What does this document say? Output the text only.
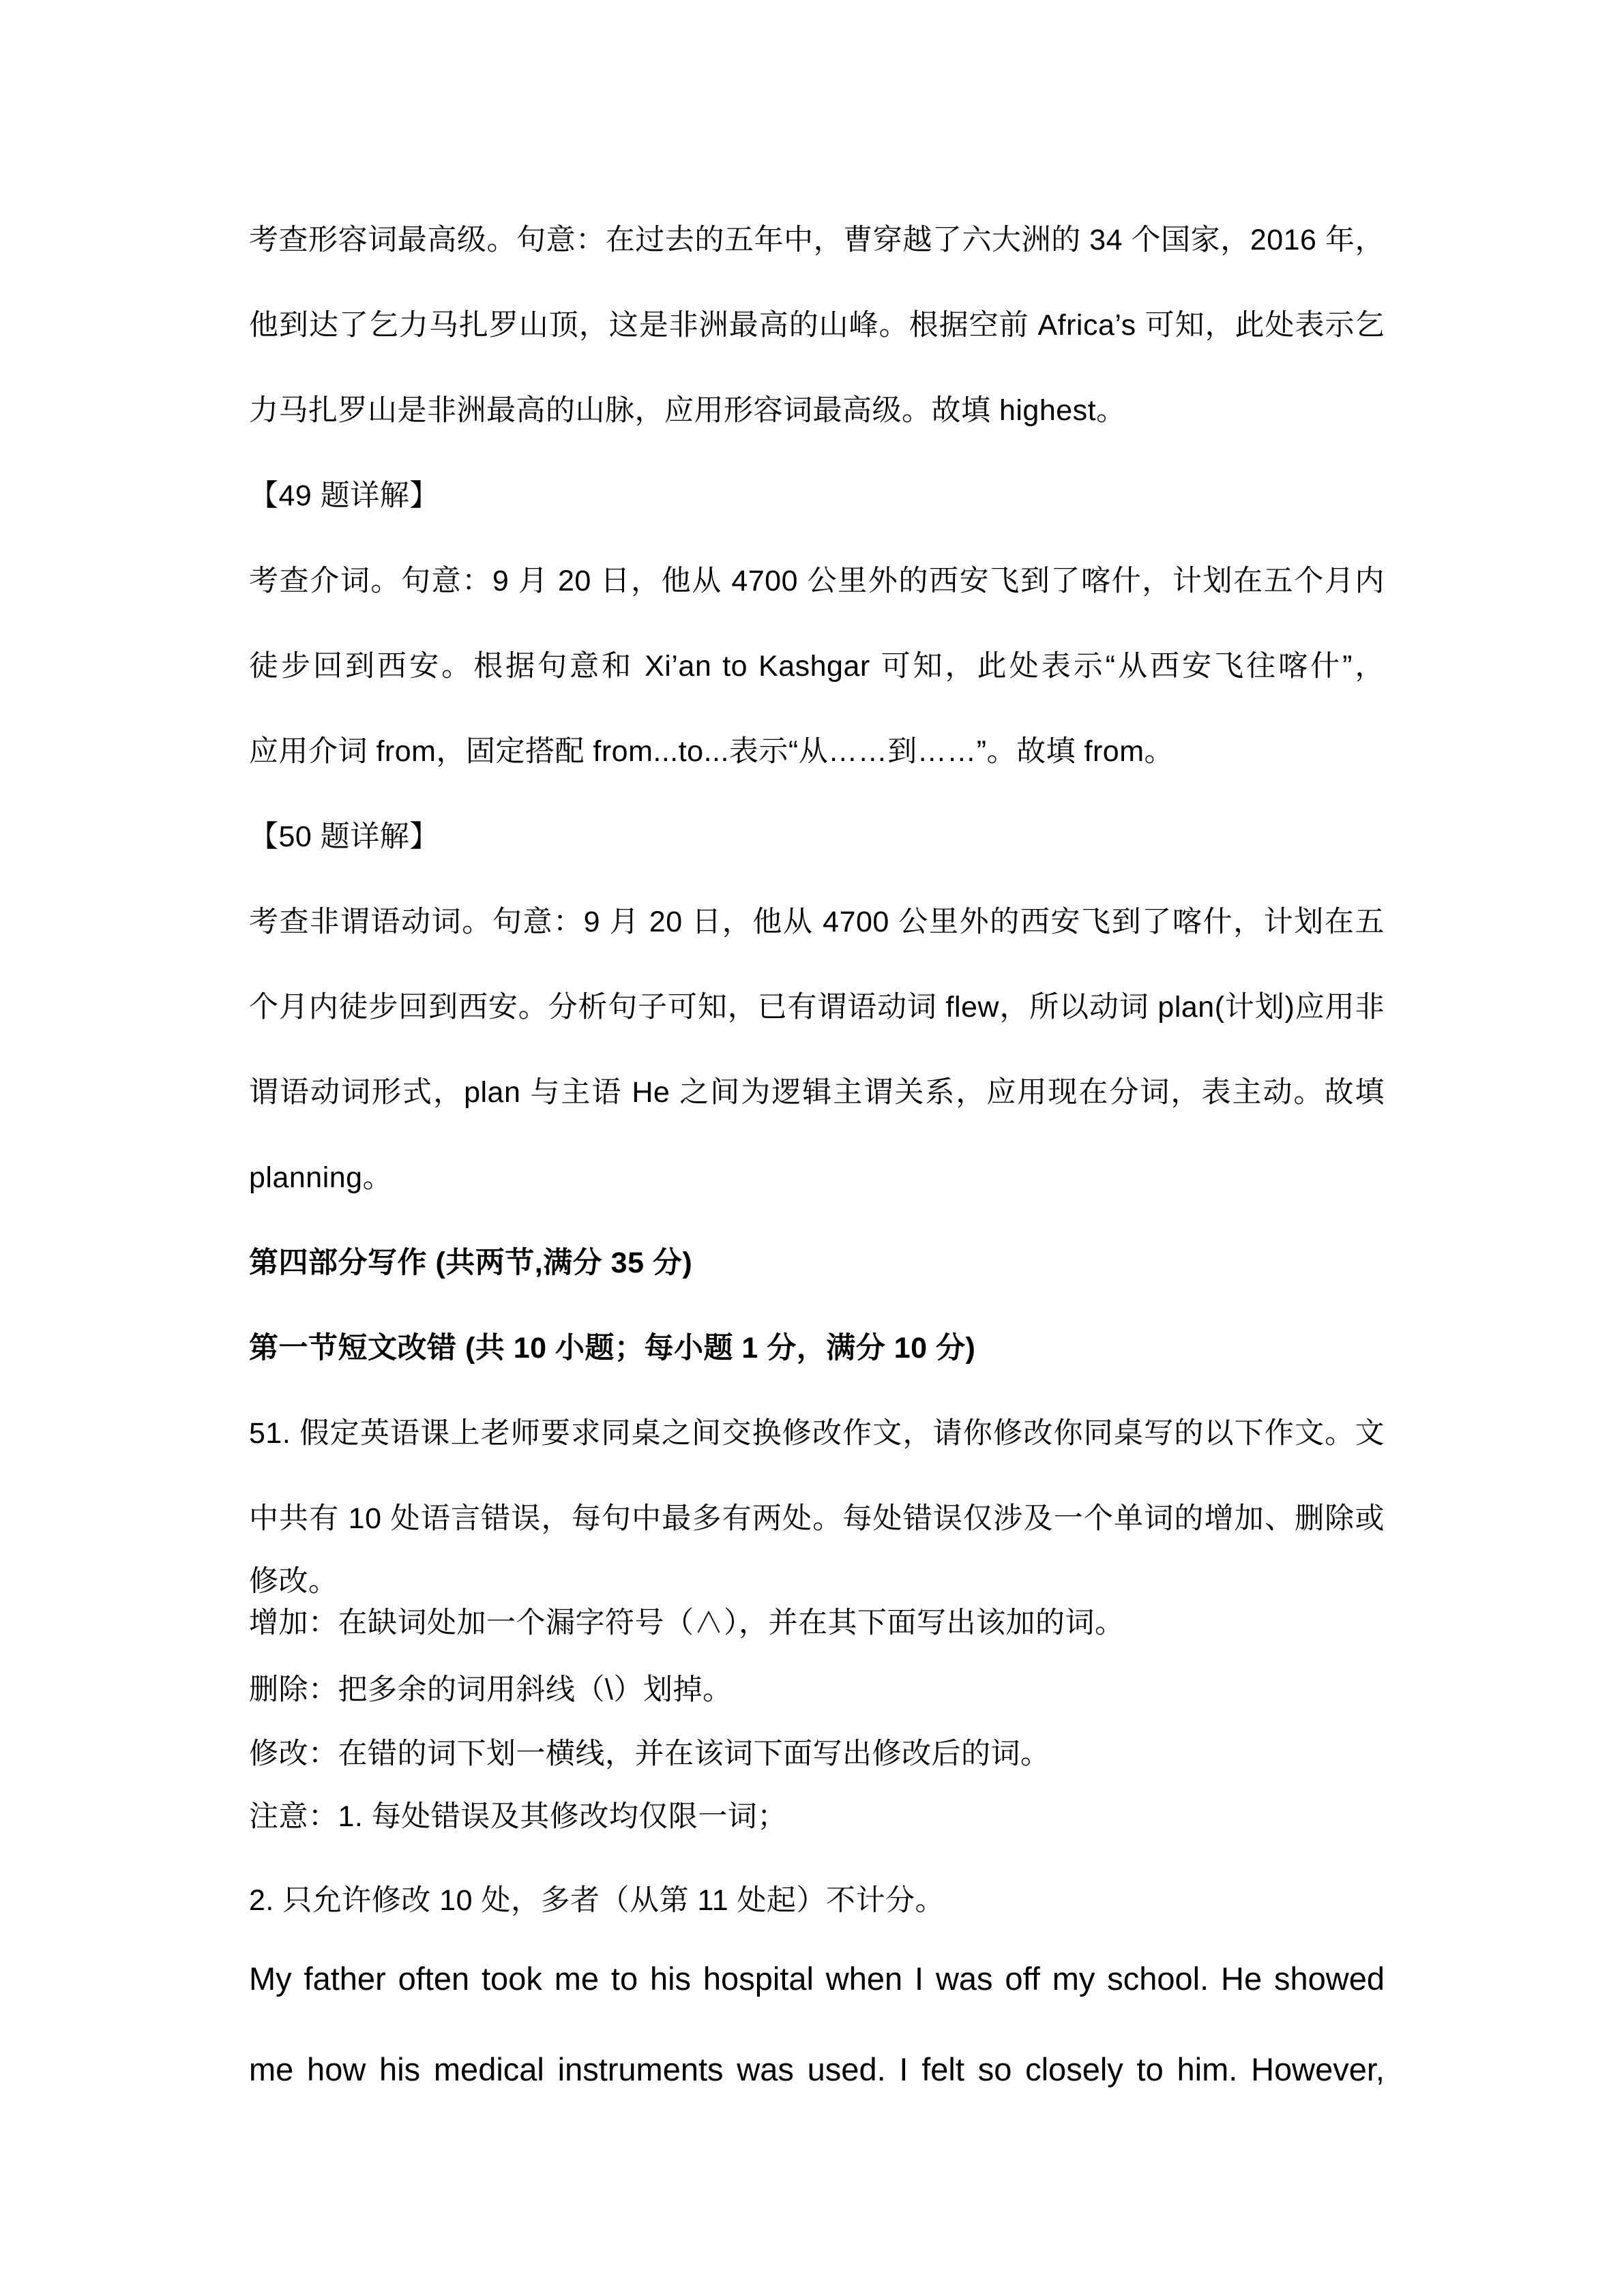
考查形容词最高级。句意：在过去的五年中，曹穿越了六大洲的 34 个国家，2016 年，
他到达了乞力马扎罗山顶，这是非洲最高的山峰。根据空前 Africa’s 可知，此处表示乞
力马扎罗山是非洲最高的山脉，应用形容词最高级。故填 highest。
【49 题详解】
考查介词。句意：9 月 20 日，他从 4700 公里外的西安飞到了喀什，计划在五个月内
徒步回到西安。根据句意和 Xi’an to Kashgar 可知，此处表示“从西安飞往喀什”，
应用介词 from，固定搭配 from...to...表示“从……到……”。故填 from。
【50 题详解】
考查非谓语动词。句意：9 月 20 日，他从 4700 公里外的西安飞到了喀什，计划在五
个月内徒步回到西安。分析句子可知，已有谓语动词 flew，所以动词 plan(计划)应用非
谓语动词形式，plan 与主语 He 之间为逻辑主谓关系，应用现在分词，表主动。故填
planning。
第四部分写作 (共两节,满分 35 分)
第一节短文改错 (共 10 小题；每小题 1 分，满分 10 分)
51. 假定英语课上老师要求同桌之间交换修改作文，请你修改你同桌写的以下作文。文
中共有 10 处语言错误，每句中最多有两处。每处错误仅涉及一个单词的增加、删除或
修改。
增加：在缺词处加一个漏字符号（∧），并在其下面写出该加的词。
删除：把多余的词用斜线（\）划掉。
修改：在错的词下划一横线，并在该词下面写出修改后的词。
注意：1. 每处错误及其修改均仅限一词；
2. 只允许修改 10 处，多者（从第 11 处起）不计分。
My father often took me to his hospital when I was off my school. He showed
me how his medical instruments was used. I felt so closely to him. However,
